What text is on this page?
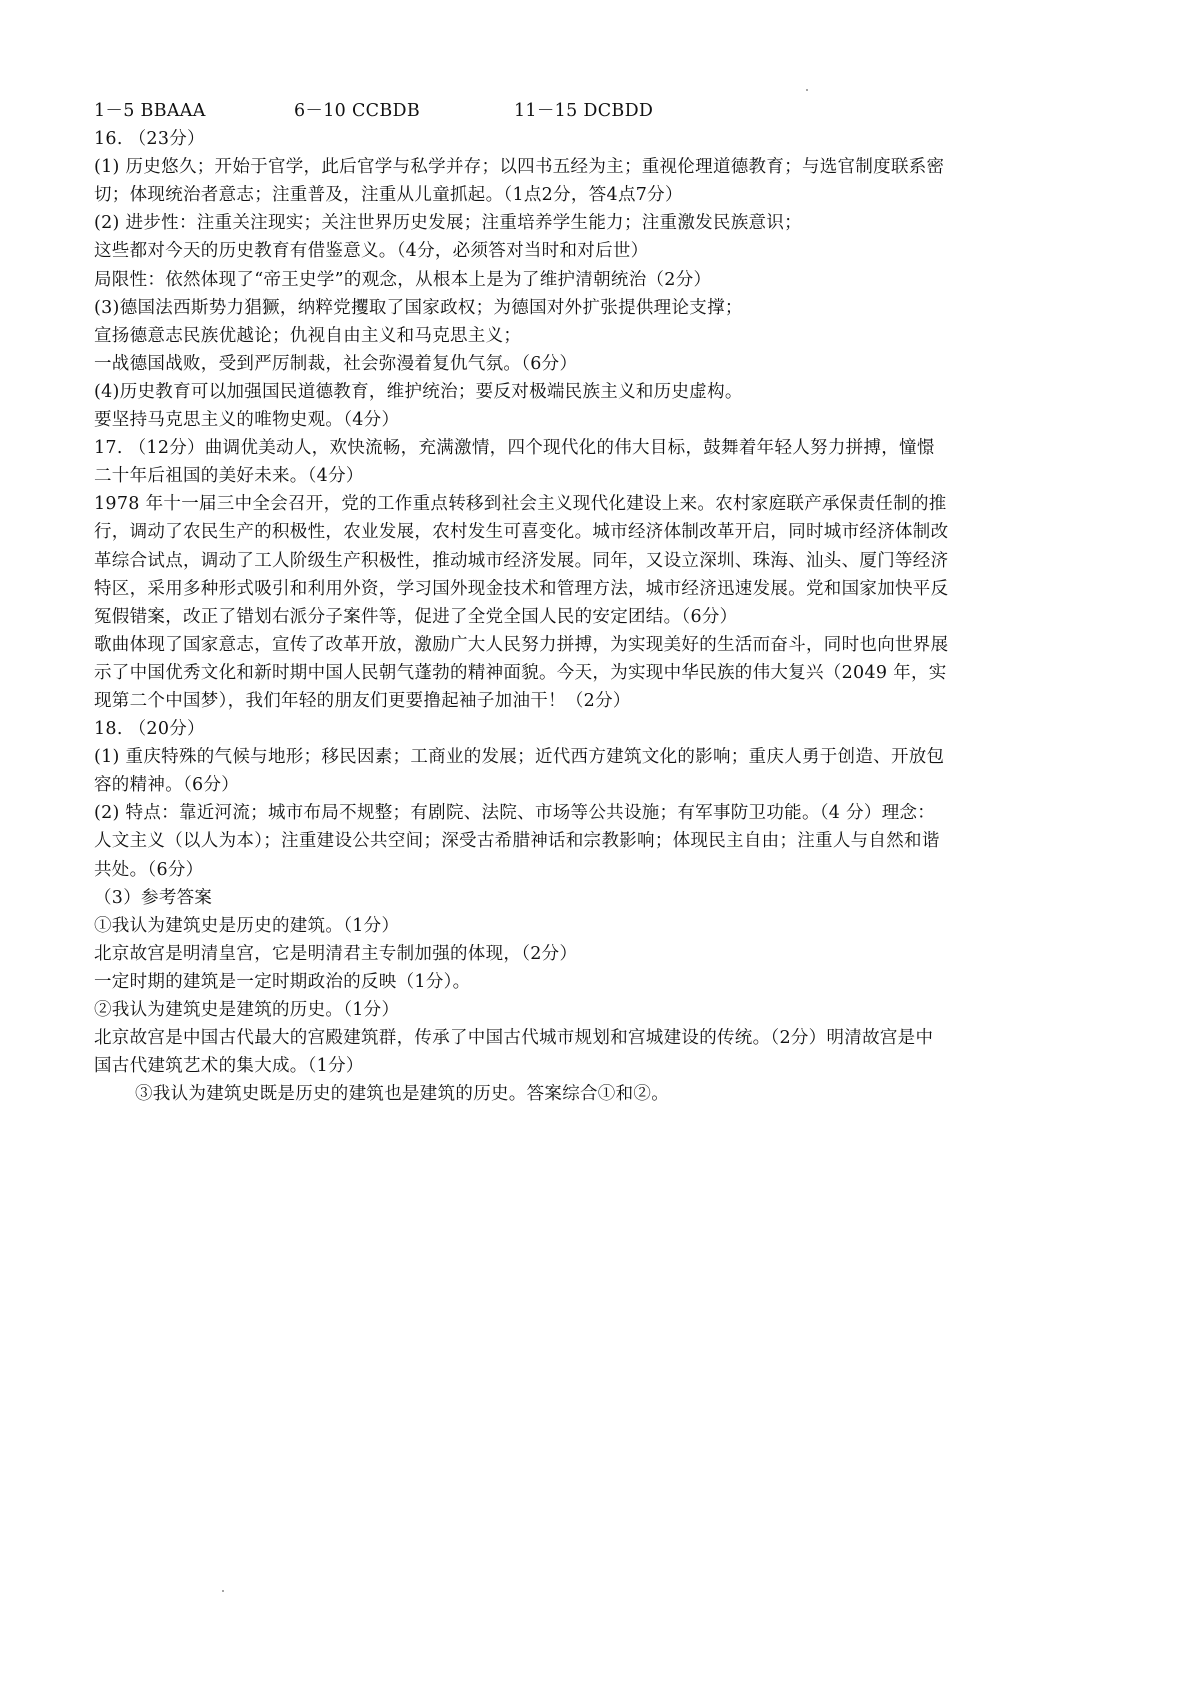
1－5 BBAAA	6－10 CCBDB	11－15 DCBDD
16. （23分）
(1) 历史悠久；开始于官学，此后官学与私学并存；以四书五经为主；重视伦理道德教育；与选官制度联系密
切；体现统治者意志；注重普及，注重从儿童抓起。（1点2分，答4点7分）
(2) 进步性：注重关注现实；关注世界历史发展；注重培养学生能力；注重激发民族意识；
这些都对今天的历史教育有借鉴意义。（4分，必须答对当时和对后世）
局限性：依然体现了“帝王史学”的观念，从根本上是为了维护清朝统治（2分）
(3)德国法西斯势力猖獗，纳粹党攫取了国家政权；为德国对外扩张提供理论支撑；
宣扬德意志民族优越论；仇视自由主义和马克思主义；
一战德国战败，受到严厉制裁，社会弥漫着复仇气氛。（6分）
(4)历史教育可以加强国民道德教育，维护统治；要反对极端民族主义和历史虚构。
要坚持马克思主义的唯物史观。（4分）
17. （12分）曲调优美动人，欢快流畅，充满激情，四个现代化的伟大目标，鼓舞着年轻人努力拼搏，憧憬
二十年后祖国的美好未来。（4分）
1978 年十一届三中全会召开，党的工作重点转移到社会主义现代化建设上来。农村家庭联产承保责任制的推
行，调动了农民生产的积极性，农业发展，农村发生可喜变化。城市经济体制改革开启，同时城市经济体制改
革综合试点，调动了工人阶级生产积极性，推动城市经济发展。同年，又设立深圳、珠海、汕头、厦门等经济
特区，采用多种形式吸引和利用外资，学习国外现金技术和管理方法，城市经济迅速发展。党和国家加快平反
冤假错案，改正了错划右派分子案件等，促进了全党全国人民的安定团结。（6分）
歌曲体现了国家意志，宣传了改革开放，激励广大人民努力拼搏，为实现美好的生活而奋斗，同时也向世界展
示了中国优秀文化和新时期中国人民朝气蓬勃的精神面貌。今天，为实现中华民族的伟大复兴（2049 年，实
现第二个中国梦），我们年轻的朋友们更要撸起袖子加油干！（2分）
18. （20分）
(1) 重庆特殊的气候与地形；移民因素；工商业的发展；近代西方建筑文化的影响；重庆人勇于创造、开放包
容的精神。（6分）
(2) 特点：靠近河流；城市布局不规整；有剧院、法院、市场等公共设施；有军事防卫功能。（4 分）理念：
人文主义（以人为本）；注重建设公共空间；深受古希腊神话和宗教影响；体现民主自由；注重人与自然和谐
共处。（6分）
（3）参考答案
①我认为建筑史是历史的建筑。（1分）
北京故宫是明清皇宫，它是明清君主专制加强的体现，（2分）
一定时期的建筑是一定时期政治的反映（1分）。
②我认为建筑史是建筑的历史。（1分）
北京故宫是中国古代最大的宫殿建筑群，传承了中国古代城市规划和宫城建设的传统。（2分）明清故宫是中
国古代建筑艺术的集大成。（1分）
③我认为建筑史既是历史的建筑也是建筑的历史。答案综合①和②。
